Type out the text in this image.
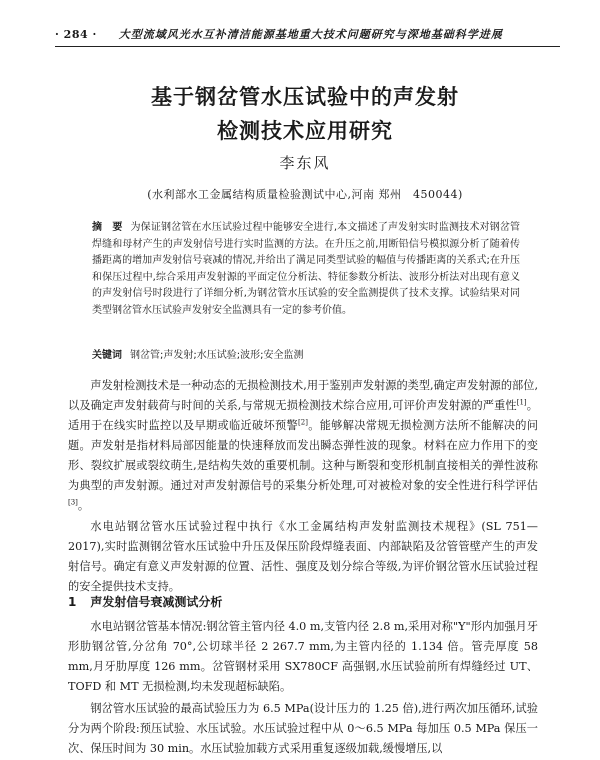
· 284 · 大型流域风光水互补清洁能源基地重大技术问题研究与深地基础科学进展
基于钢岔管水压试验中的声发射
检测技术应用研究
李东风
(水利部水工金属结构质量检验测试中心,河南 郑州　450044)
摘　要 为保证钢岔管在水压试验过程中能够安全进行,本文描述了声发射实时监测技术对钢岔管焊缝和母材产生的声发射信号进行实时监测的方法。在升压之前,用断铅信号模拟源分析了随着传播距离的增加声发射信号衰减的情况,并给出了满足同类型试验的幅值与传播距离的关系式;在升压和保压过程中,综合采用声发射源的平面定位分析法、特征参数分析法、波形分析法对出现有意义的声发射信号时段进行了详细分析,为钢岔管水压试验的安全监测提供了技术支撑。试验结果对同类型钢岔管水压试验声发射安全监测具有一定的参考价值。
关键词 钢岔管;声发射;水压试验;波形;安全监测
声发射检测技术是一种动态的无损检测技术,用于鉴别声发射源的类型,确定声发射源的部位,以及确定声发射载荷与时间的关系,与常规无损检测技术综合应用,可评价声发射源的严重性[1]。适用于在线实时监控以及早期或临近破坏预警[2]。能够解决常规无损检测方法所不能解决的问题。声发射是指材料局部因能量的快速释放而发出瞬态弹性波的现象。材料在应力作用下的变形、裂纹扩展或裂纹萌生,是结构失效的重要机制。这种与断裂和变形机制直接相关的弹性波称为典型的声发射源。通过对声发射源信号的采集分析处理,可对被检对象的安全性进行科学评估[3]。
水电站钢岔管水压试验过程中执行《水工金属结构声发射监测技术规程》(SL 751—2017),实时监测钢岔管水压试验中升压及保压阶段焊缝表面、内部缺陷及岔管管壁产生的声发射信号。确定有意义声发射源的位置、活性、强度及划分综合等级,为评价钢岔管水压试验过程的安全提供技术支持。
1 声发射信号衰减测试分析
水电站钢岔管基本情况:钢岔管主管内径 4.0 m,支管内径 2.8 m,采用对称"Y"形内加强月牙形肋钢岔管,分岔角 70°,公切球半径 2 267.7 mm,为主管内径的 1.134 倍。管壳厚度 58 mm,月牙肋厚度 126 mm。岔管钢材采用 SX780CF 高强钢,水压试验前所有焊缝经过 UT、TOFD 和 MT 无损检测,均未发现超标缺陷。
钢岔管水压试验的最高试验压力为 6.5 MPa(设计压力的 1.25 倍),进行两次加压循环,试验分为两个阶段:预压试验、水压试验。水压试验过程中从 0～6.5 MPa 每加压 0.5 MPa 保压一次、保压时间为 30 min。水压试验加载方式采用重复逐级加载,缓慢增压,以
